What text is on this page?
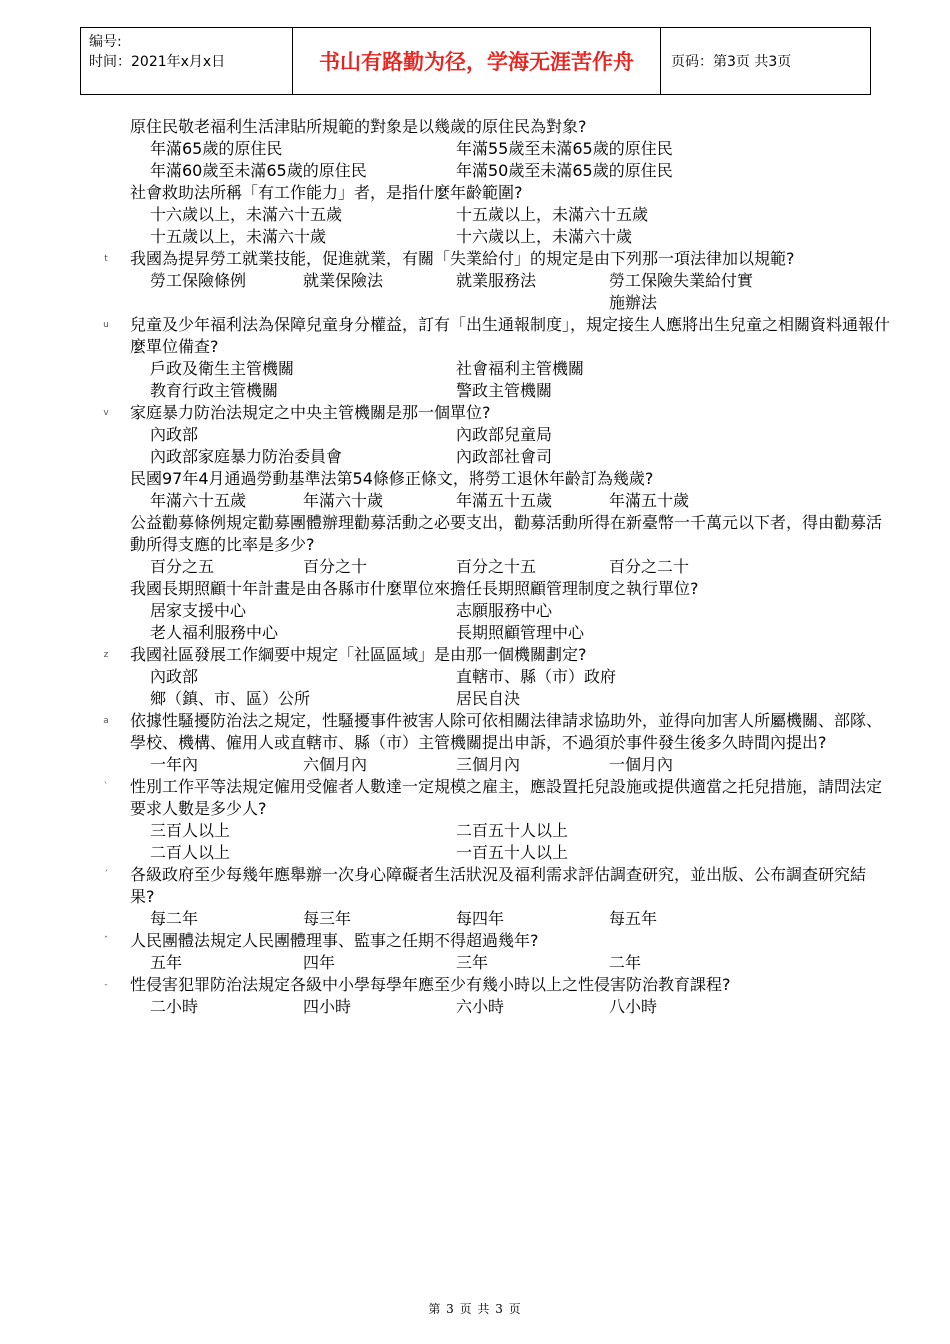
编号:
时间：2021年x月x日	书山有路勤为径，学海无涯苦作舟	页码：第3页 共3页
原住民敬老福利生活津貼所規範的對象是以幾歲的原住民為對象?
年滿65歲的原住民	年滿55歲至未滿65歲的原住民
年滿60歲至未滿65歲的原住民	年滿50歲至未滿65歲的原住民
社會救助法所稱「有工作能力」者，是指什麼年齡範圍?
十六歲以上，未滿六十五歲	十五歲以上，未滿六十五歲
十五歲以上，未滿六十歲	十六歲以上，未滿六十歲
t 我國為提昇勞工就業技能，促進就業，有關「失業給付」的規定是由下列那一項法律加以規範?
勞工保險條例	就業保險法	就業服務法	勞工保險失業給付實施辦法
u 兒童及少年福利法為保障兒童身分權益，訂有「出生通報制度」，規定接生人應將出生兒童之相關資料通報什麼單位備查?
戶政及衛生主管機關	社會福利主管機關
教育行政主管機關	警政主管機關
v 家庭暴力防治法規定之中央主管機關是那一個單位?
內政部	內政部兒童局
內政部家庭暴力防治委員會	內政部社會司
民國97年4月通過勞動基準法第54條修正條文，將勞工退休年齡訂為幾歲?
年滿六十五歲	年滿六十歲	年滿五十五歲	年滿五十歲
公益勸募條例規定勸募團體辦理勸募活動之必要支出，勸募活動所得在新臺幣一千萬元以下者，得由勸募活動所得支應的比率是多少?
百分之五	百分之十	百分之十五	百分之二十
我國長期照顧十年計畫是由各縣市什麼單位來擔任長期照顧管理制度之執行單位?
居家支援中心	志願服務中心
老人福利服務中心	長期照顧管理中心
z 我國社區發展工作綱要中規定「社區區域」是由那一個機關劃定?
內政部	直轄市、縣（市）政府
鄉（鎮、市、區）公所	居民自決
a 依據性騷擾防治法之規定，性騷擾事件被害人除可依相關法律請求協助外，並得向加害人所屬機關、部隊、學校、機構、僱用人或直轄市、縣（市）主管機關提出申訴，不過須於事件發生後多久時間內提出?
一年內	六個月內	三個月內	一個月內
` 性別工作平等法規定僱用受僱者人數達一定規模之雇主，應設置托兒設施或提供適當之托兒措施，請問法定要求人數是多少人?
三百人以上	二百五十人以上
二百人以上	一百五十人以上
´ 各級政府至少每幾年應舉辦一次身心障礙者生活狀況及福利需求評估調查研究，並出版、公布調查研究結果?
每二年	每三年	每四年	每五年
ˆ 人民團體法規定人民團體理事、監事之任期不得超過幾年?
五年	四年	三年	二年
- 性侵害犯罪防治法規定各級中小學每學年應至少有幾小時以上之性侵害防治教育課程?
二小時	四小時	六小時	八小時
第 3 页 共 3 页
